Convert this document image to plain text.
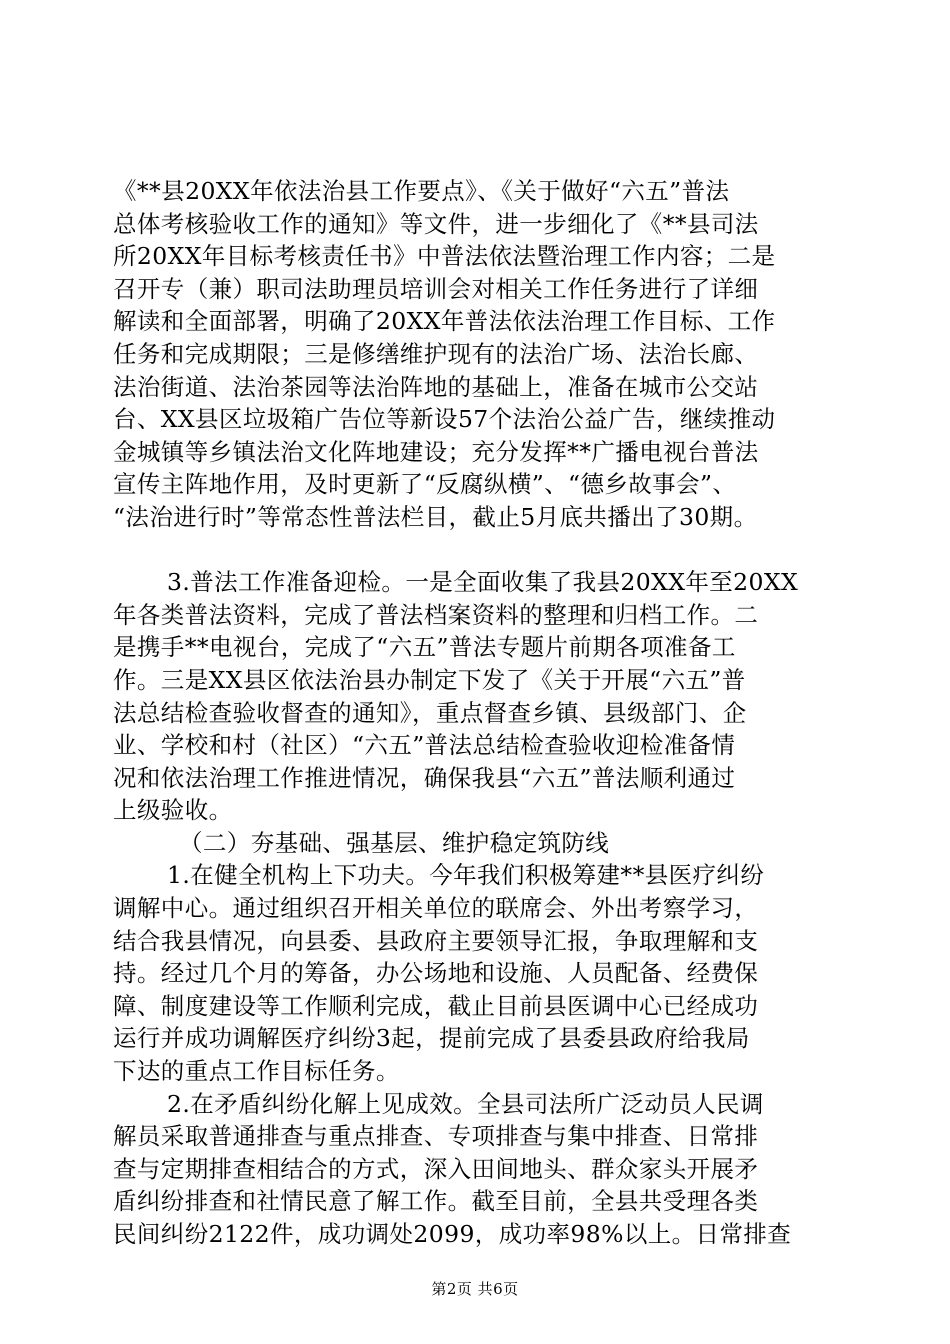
《**县20XX年依法治县工作要点》、《关于做好“六五”普法
总体考核验收工作的通知》等文件，进一步细化了《**县司法
所20XX年目标考核责任书》中普法依法暨治理工作内容；二是
召开专（兼）职司法助理员培训会对相关工作任务进行了详细
解读和全面部署，明确了20XX年普法依法治理工作目标、工作
任务和完成期限；三是修缮维护现有的法治广场、法治长廊、
法治街道、法治茶园等法治阵地的基础上，准备在城市公交站
台、XX县区垃圾箱广告位等新设57个法治公益广告，继续推动
金城镇等乡镇法治文化阵地建设；充分发挥**广播电视台普法
宣传主阵地作用，及时更新了“反腐纵横”、“德乡故事会”、
“法治进行时”等常态性普法栏目，截止5月底共播出了30期。
3.普法工作准备迎检。一是全面收集了我县20XX年至20XX
年各类普法资料，完成了普法档案资料的整理和归档工作。二
是携手**电视台，完成了“六五”普法专题片前期各项准备工
作。三是XX县区依法治县办制定下发了《关于开展“六五”普
法总结检查验收督查的通知》，重点督查乡镇、县级部门、企
业、学校和村（社区）“六五”普法总结检查验收迎检准备情
况和依法治理工作推进情况，确保我县“六五”普法顺利通过
上级验收。
（二）夯基础、强基层、维护稳定筑防线
1.在健全机构上下功夫。今年我们积极筹建**县医疗纠纷
调解中心。通过组织召开相关单位的联席会、外出考察学习，
结合我县情况，向县委、县政府主要领导汇报，争取理解和支
持。经过几个月的筹备，办公场地和设施、人员配备、经费保
障、制度建设等工作顺利完成，截止目前县医调中心已经成功
运行并成功调解医疗纠纷3起，提前完成了县委县政府给我局
下达的重点工作目标任务。
2.在矛盾纠纷化解上见成效。全县司法所广泛动员人民调
解员采取普通排查与重点排查、专项排查与集中排查、日常排
查与定期排查相结合的方式，深入田间地头、群众家头开展矛
盾纠纷排查和社情民意了解工作。截至目前，全县共受理各类
民间纠纷2122件，成功调处2099，成功率98%以上。日常排查
第2页 共6页
